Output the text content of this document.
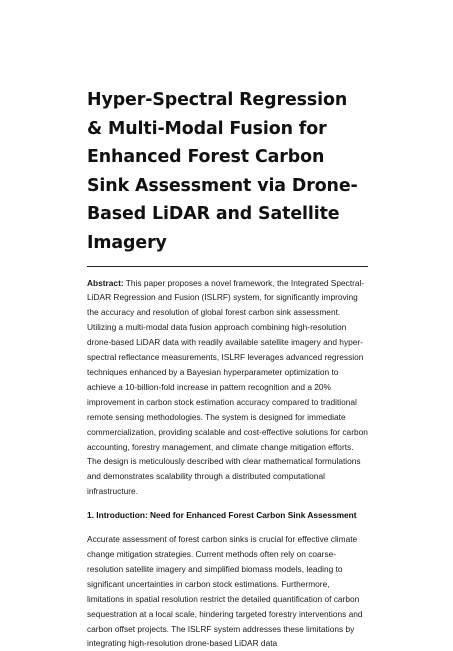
Hyper-Spectral Regression & Multi-Modal Fusion for Enhanced Forest Carbon Sink Assessment via Drone-Based LiDAR and Satellite Imagery

Abstract: This paper proposes a novel framework, the Integrated Spectral-LiDAR Regression and Fusion (ISLRF) system, for significantly improving the accuracy and resolution of global forest carbon sink assessment. Utilizing a multi-modal data fusion approach combining high-resolution drone-based LiDAR data with readily available satellite imagery and hyper-spectral reflectance measurements, ISLRF leverages advanced regression techniques enhanced by a Bayesian hyperparameter optimization to achieve a 10-billion-fold increase in pattern recognition and a 20% improvement in carbon stock estimation accuracy compared to traditional remote sensing methodologies. The system is designed for immediate commercialization, providing scalable and cost-effective solutions for carbon accounting, forestry management, and climate change mitigation efforts. The design is meticulously described with clear mathematical formulations and demonstrates scalability through a distributed computational infrastructure.

1. Introduction: Need for Enhanced Forest Carbon Sink Assessment

Accurate assessment of forest carbon sinks is crucial for effective climate change mitigation strategies. Current methods often rely on coarse-resolution satellite imagery and simplified biomass models, leading to significant uncertainties in carbon stock estimations. Furthermore, limitations in spatial resolution restrict the detailed quantification of carbon sequestration at a local scale, hindering targeted forestry interventions and carbon offset projects. The ISLRF system addresses these limitations by integrating high-resolution drone-based LiDAR data
